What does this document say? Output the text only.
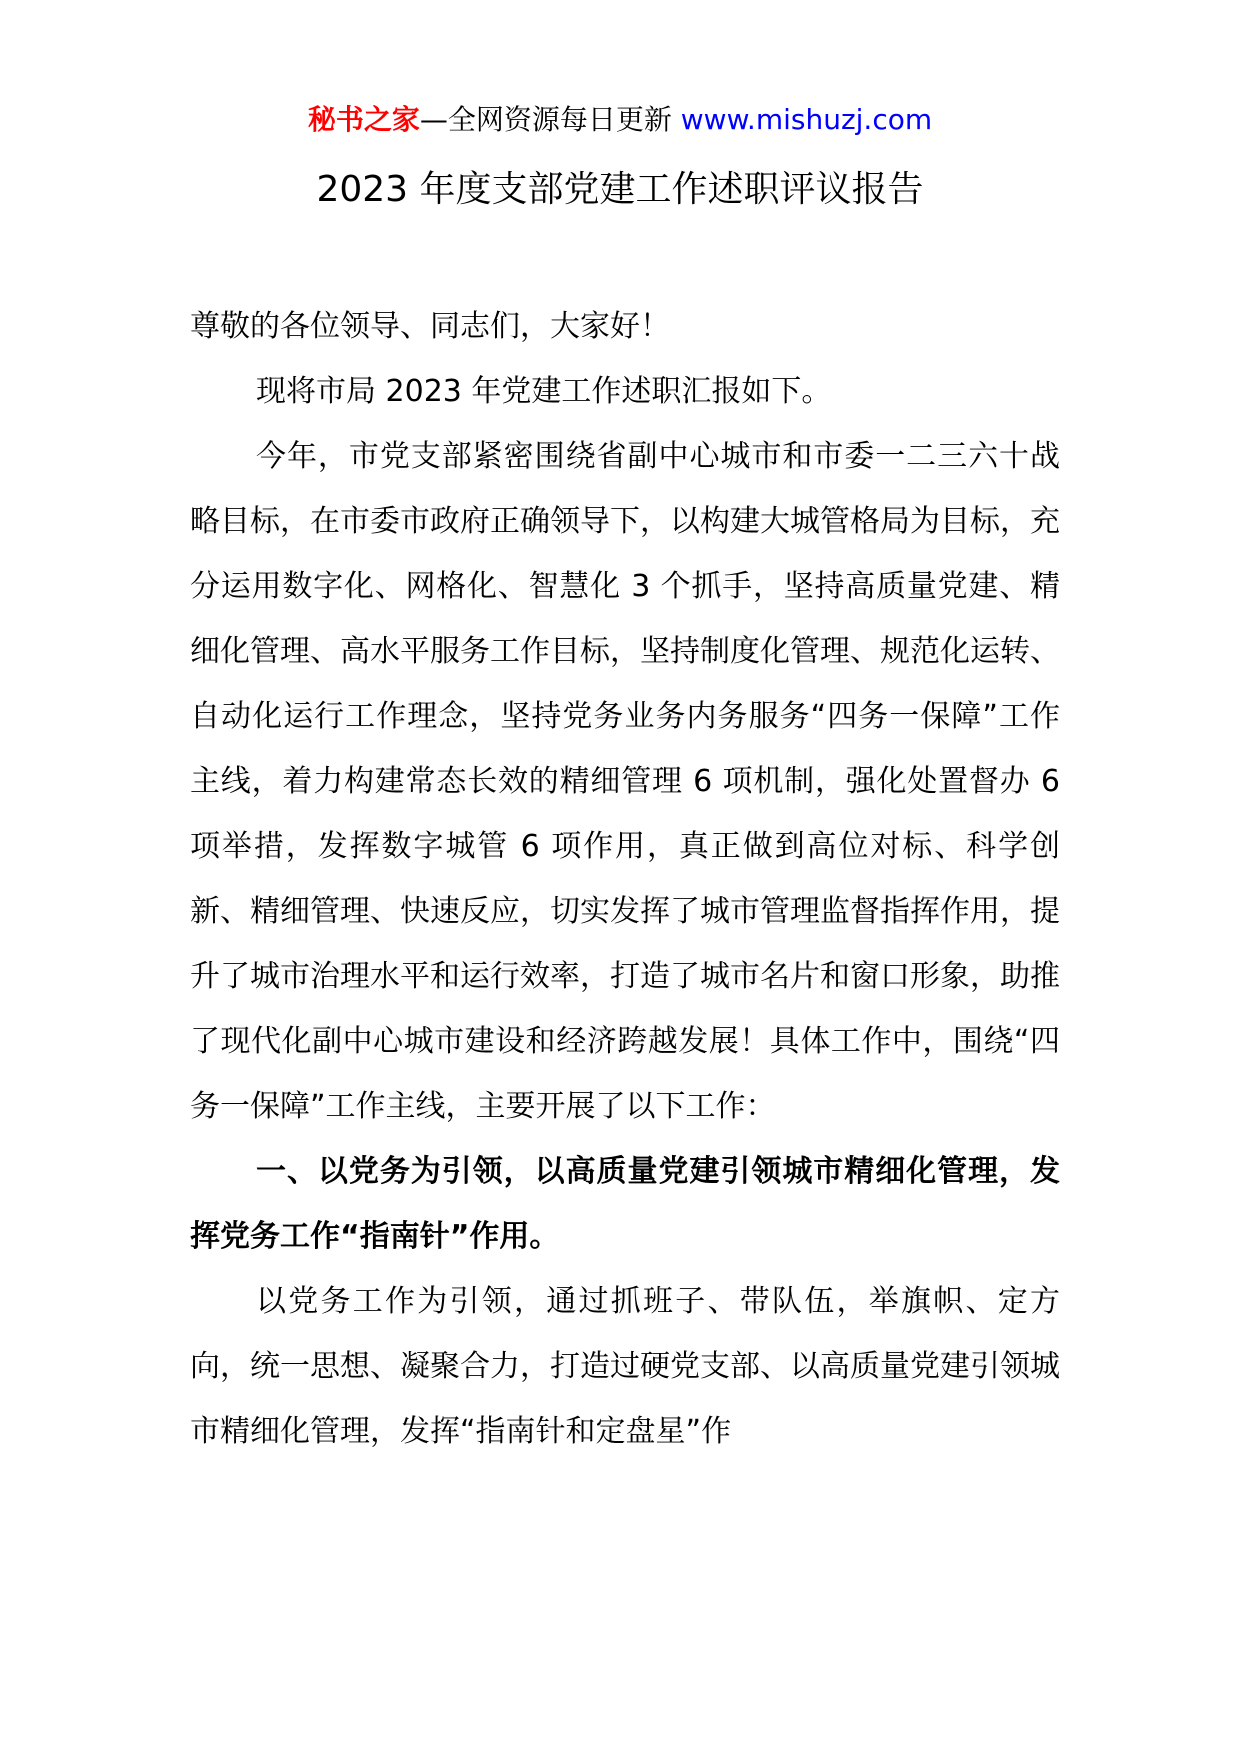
秘书之家—全网资源每日更新 www.mishuzj.com
2023 年度支部党建工作述职评议报告

尊敬的各位领导、同志们，大家好！

现将市局 2023 年党建工作述职汇报如下。

今年，市党支部紧密围绕省副中心城市和市委一二三六十战略目标，在市委市政府正确领导下，以构建大城管格局为目标，充分运用数字化、网格化、智慧化 3 个抓手，坚持高质量党建、精细化管理、高水平服务工作目标，坚持制度化管理、规范化运转、自动化运行工作理念，坚持党务业务内务服务“四务一保障”工作主线，着力构建常态长效的精细管理 6 项机制，强化处置督办 6 项举措，发挥数字城管 6 项作用，真正做到高位对标、科学创新、精细管理、快速反应，切实发挥了城市管理监督指挥作用，提升了城市治理水平和运行效率，打造了城市名片和窗口形象，助推了现代化副中心城市建设和经济跨越发展！具体工作中，围绕“四务一保障”工作主线，主要开展了以下工作：

一、以党务为引领，以高质量党建引领城市精细化管理，发挥党务工作“指南针”作用。

以党务工作为引领，通过抓班子、带队伍，举旗帜、定方向，统一思想、凝聚合力，打造过硬党支部、以高质量党建引领城市精细化管理，发挥“指南针和定盘星”作
